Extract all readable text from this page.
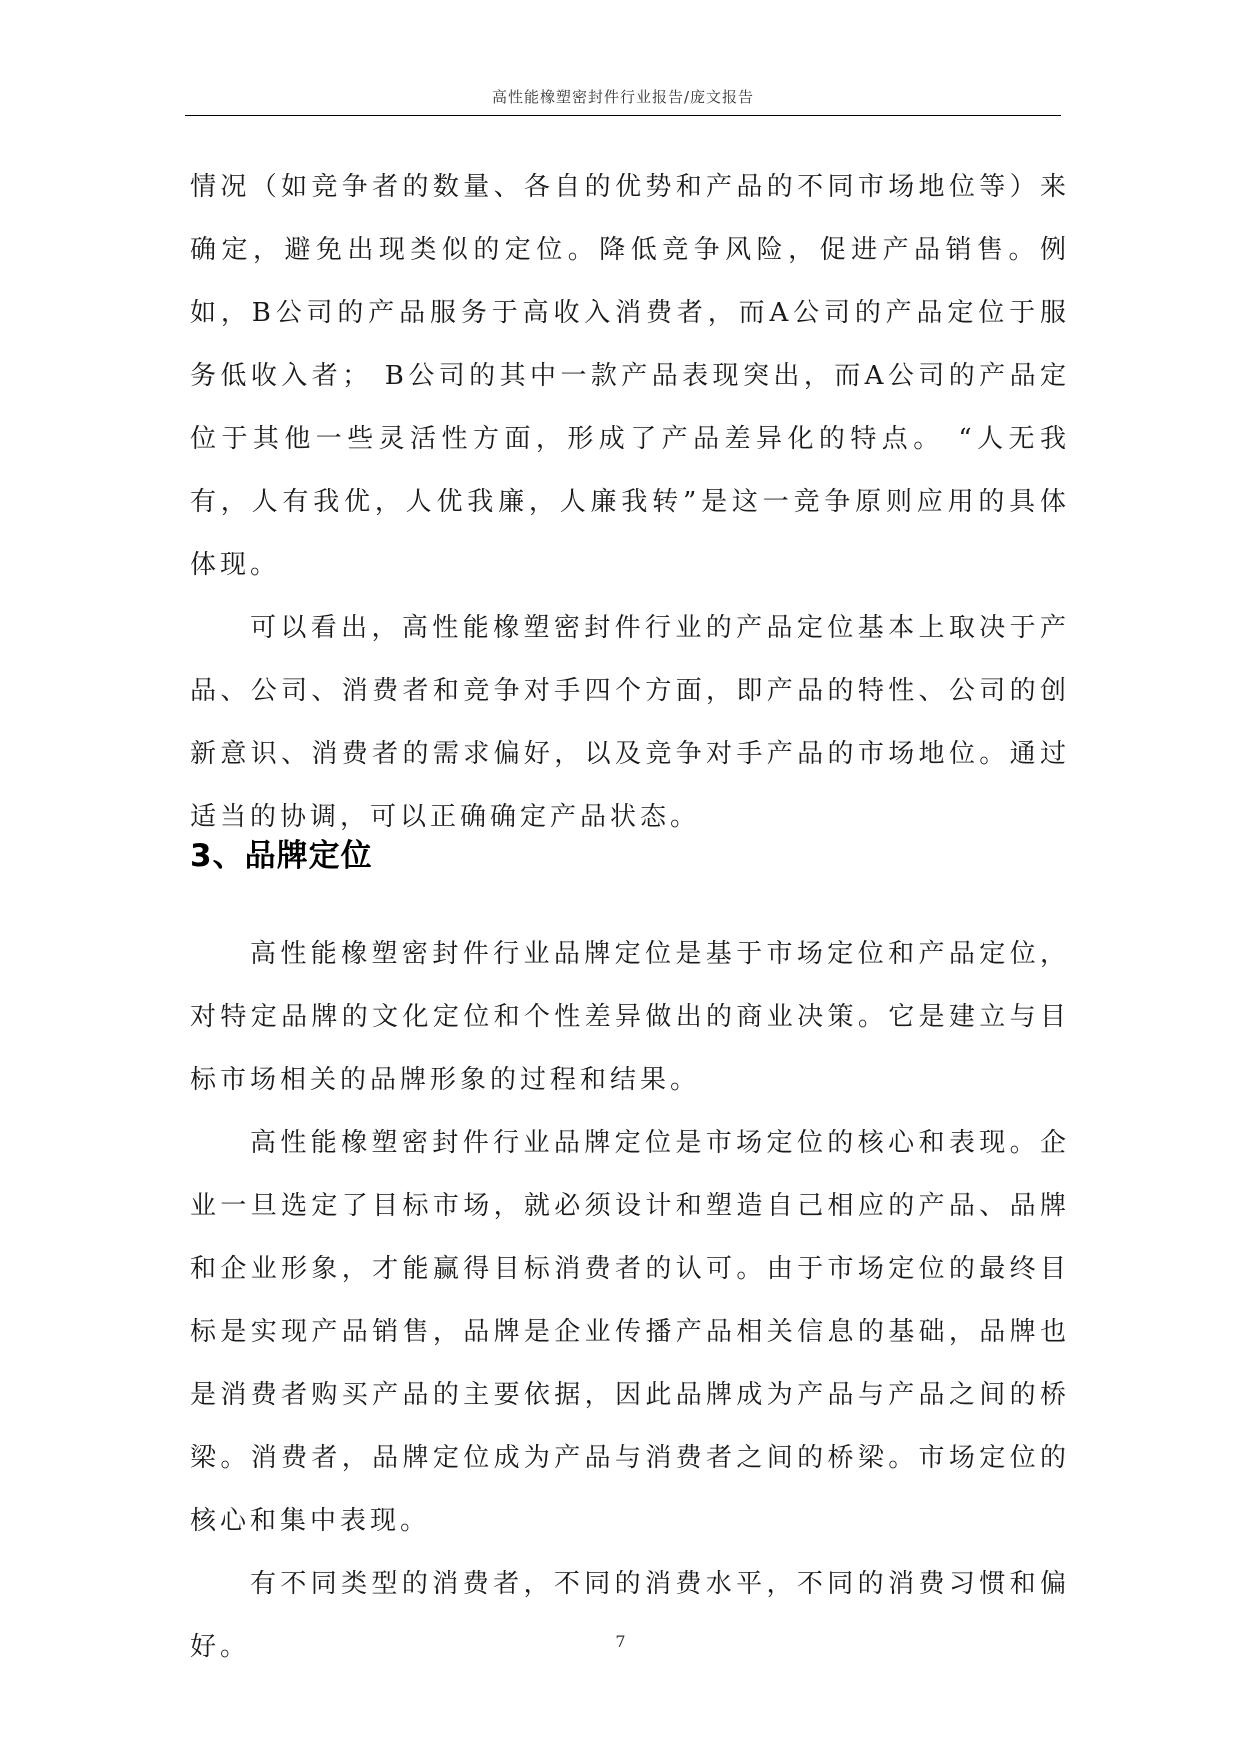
高性能橡塑密封件行业报告/庞文报告

情况（如竞争者的数量、各自的优势和产品的不同市场地位等）来确定，避免出现类似的定位。降低竞争风险，促进产品销售。例如，B公司的产品服务于高收入消费者，而A公司的产品定位于服务低收入者； B公司的其中一款产品表现突出，而A公司的产品定位于其他一些灵活性方面，形成了产品差异化的特点。 “人无我有，人有我优，人优我廉，人廉我转”是这一竞争原则应用的具体体现。

可以看出，高性能橡塑密封件行业的产品定位基本上取决于产品、公司、消费者和竞争对手四个方面，即产品的特性、公司的创新意识、消费者的需求偏好，以及竞争对手产品的市场地位。通过适当的协调，可以正确确定产品状态。

3、品牌定位

高性能橡塑密封件行业品牌定位是基于市场定位和产品定位，对特定品牌的文化定位和个性差异做出的商业决策。它是建立与目标市场相关的品牌形象的过程和结果。

高性能橡塑密封件行业品牌定位是市场定位的核心和表现。企业一旦选定了目标市场，就必须设计和塑造自己相应的产品、品牌和企业形象，才能赢得目标消费者的认可。由于市场定位的最终目标是实现产品销售，品牌是企业传播产品相关信息的基础，品牌也是消费者购买产品的主要依据，因此品牌成为产品与产品之间的桥梁。消费者，品牌定位成为产品与消费者之间的桥梁。市场定位的核心和集中表现。

有不同类型的消费者，不同的消费水平，不同的消费习惯和偏好。	7
